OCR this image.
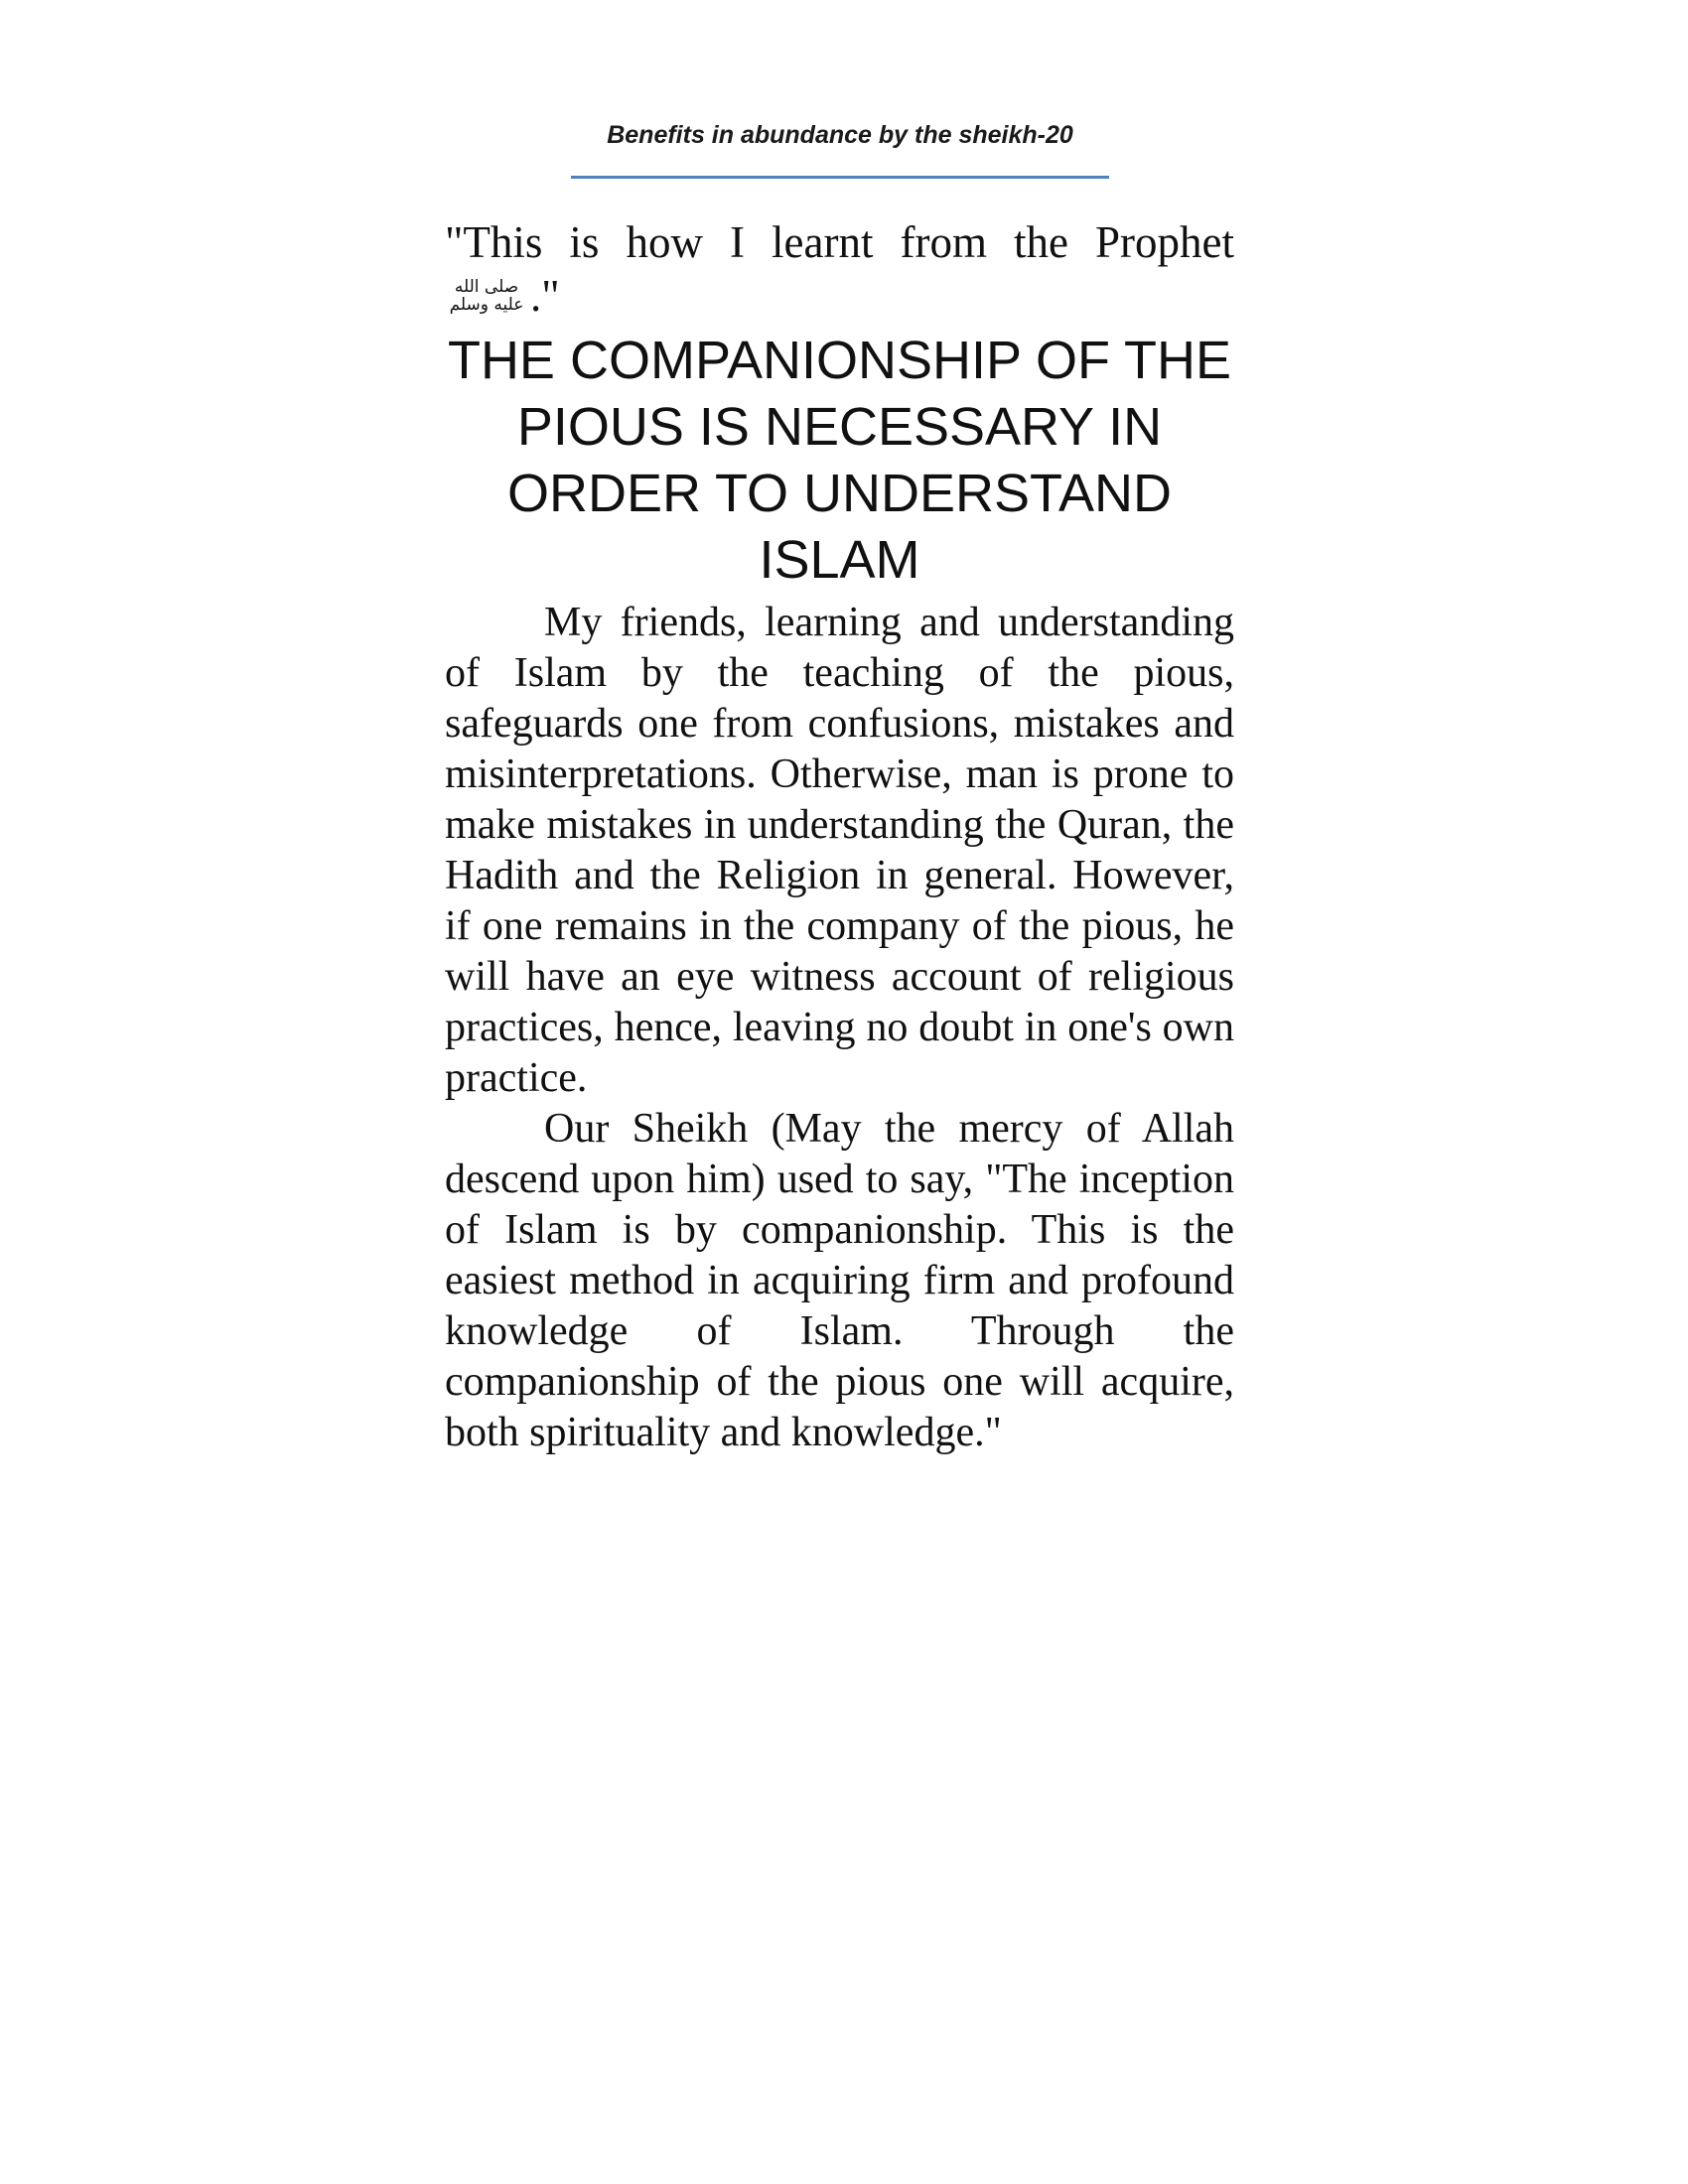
Benefits in abundance by the sheikh-20

"This is how I learnt from the Prophet

صلى الله
عليه وسلم ."
THE COMPANIONSHIP OF THE PIOUS IS NECESSARY IN ORDER TO UNDERSTAND ISLAM

My friends, learning and understanding of Islam by the teaching of the pious, safeguards one from confusions, mistakes and misinterpretations. Otherwise, man is prone to make mistakes in understanding the Quran, the Hadith and the Religion in general. However, if one remains in the company of the pious, he will have an eye witness account of religious practices, hence, leaving no doubt in one's own practice.

Our Sheikh (May the mercy of Allah descend upon him) used to say, "The inception of Islam is by companionship. This is the easiest method in acquiring firm and profound knowledge of Islam. Through the companionship of the pious one will acquire, both spirituality and knowledge."
